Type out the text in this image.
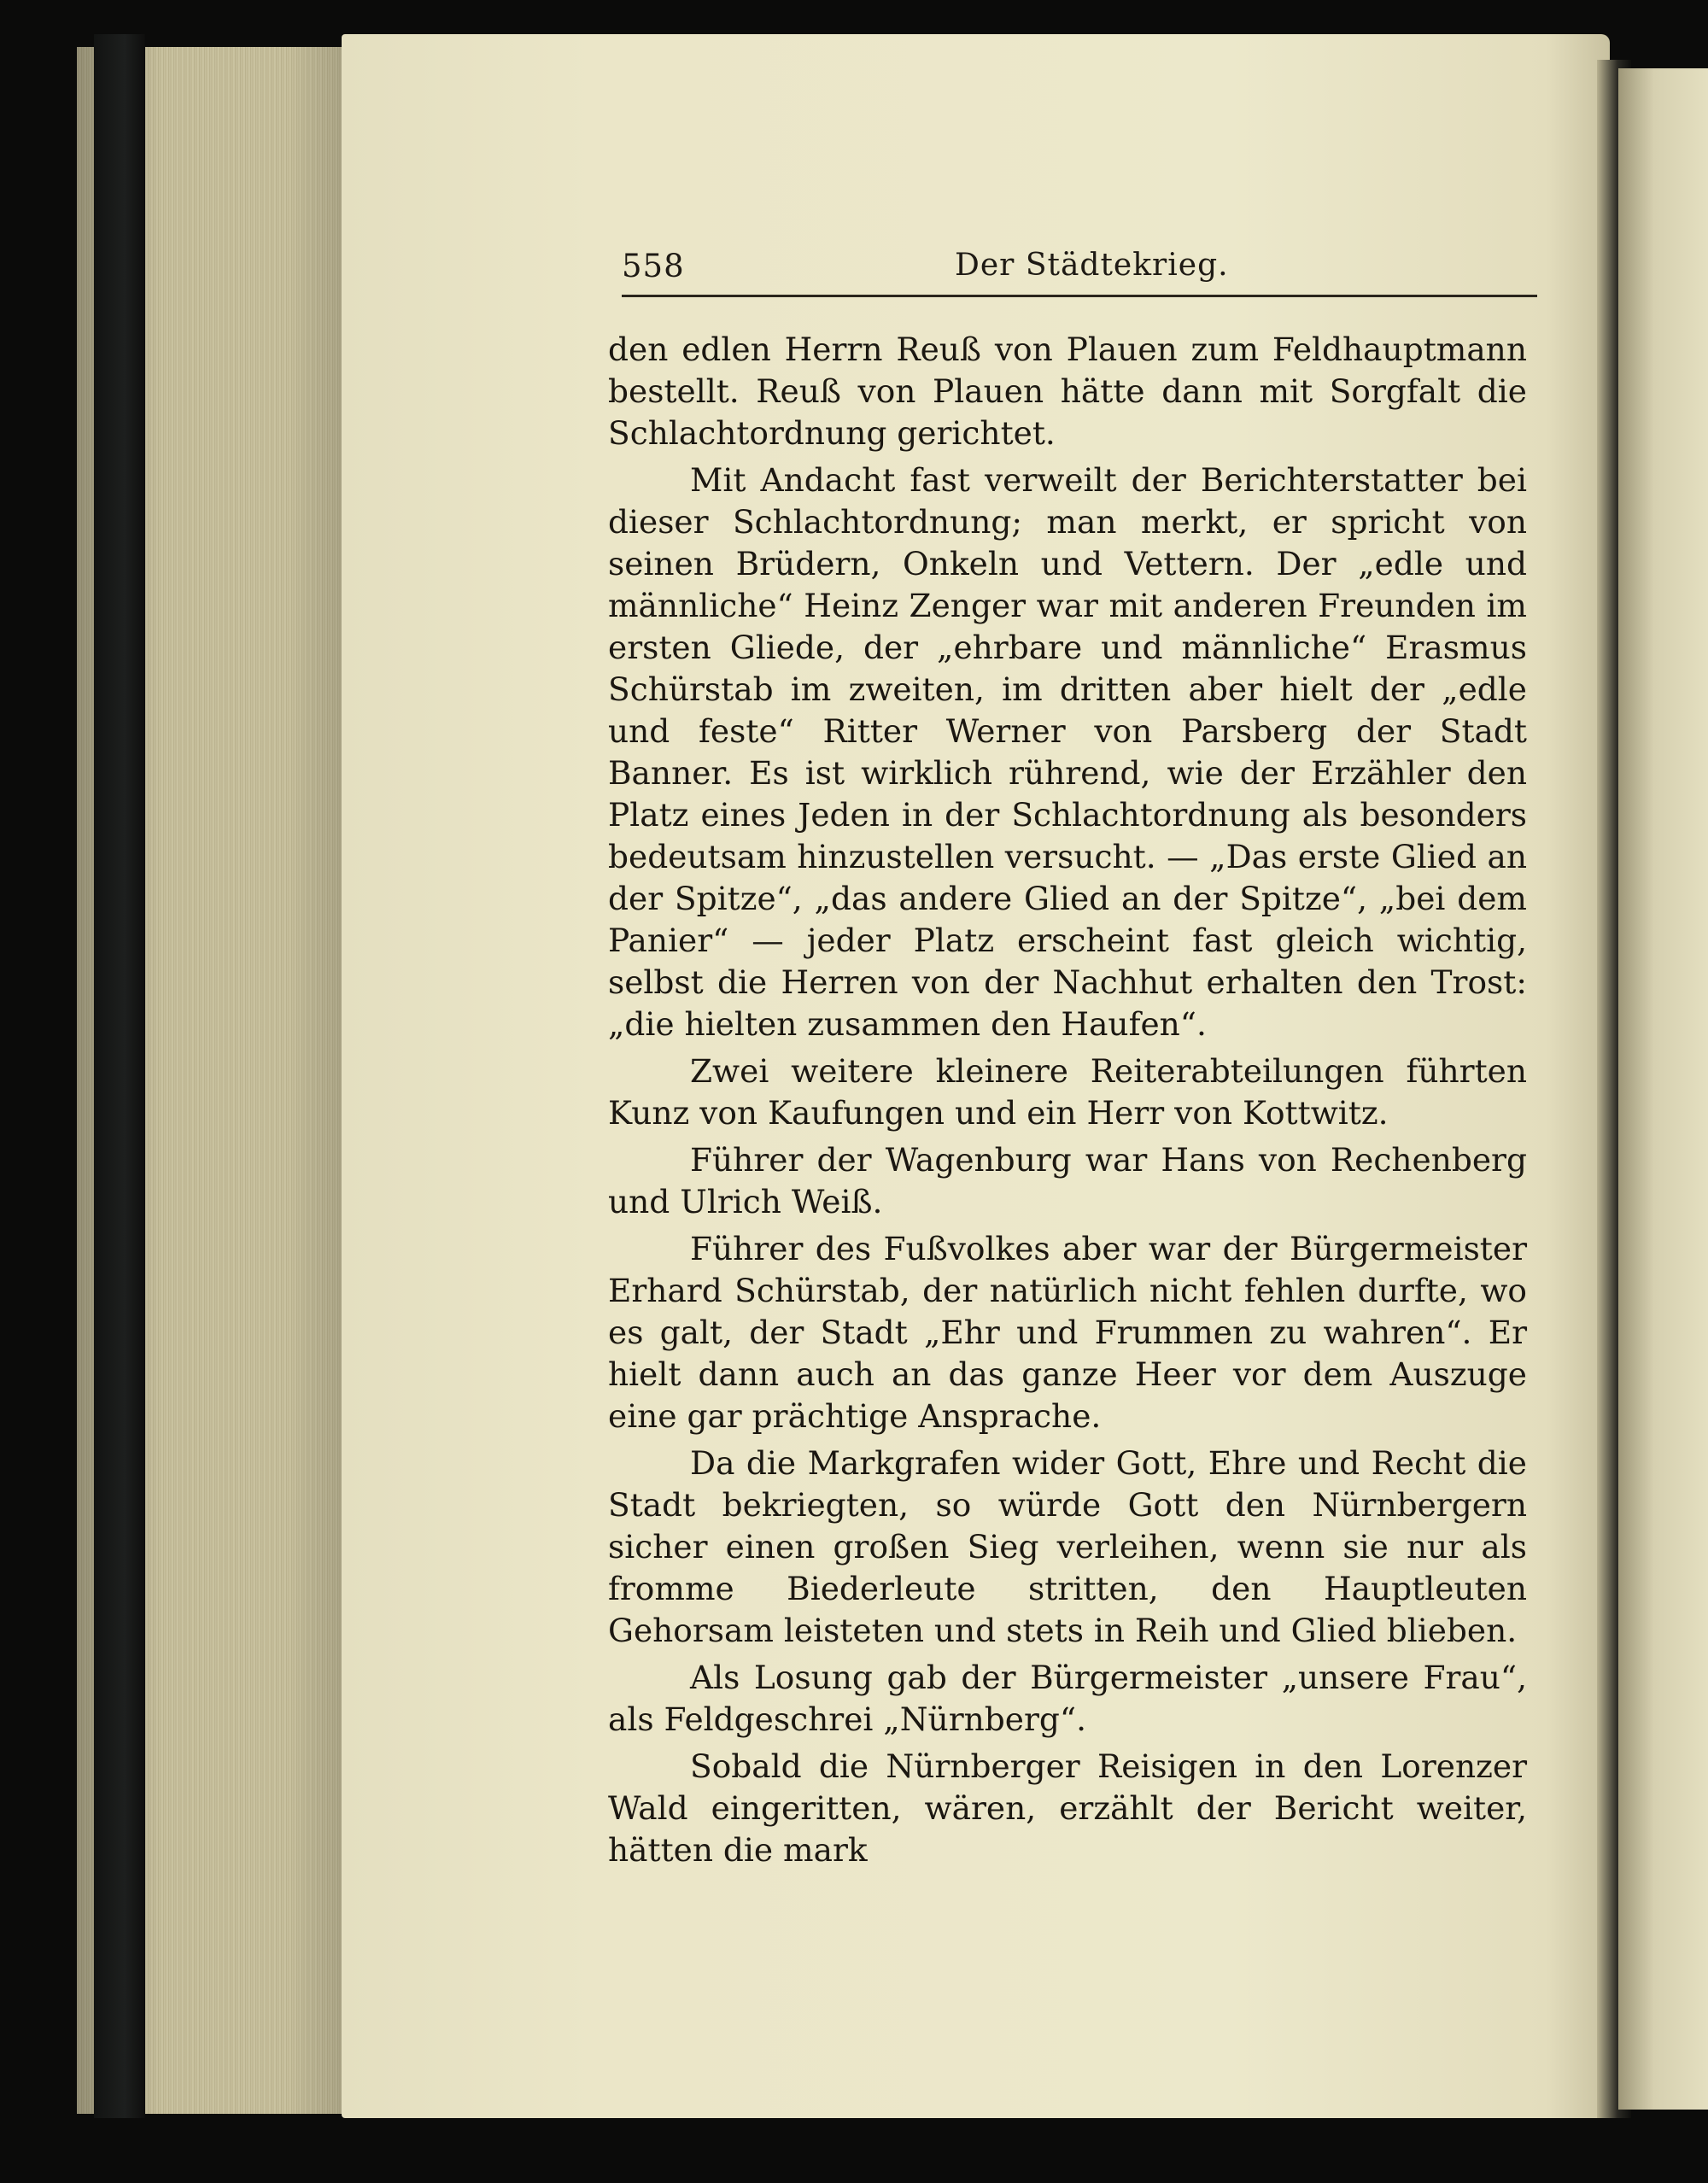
558	Der Städtekrieg.

den edlen Herrn Reuß von Plauen zum Feldhauptmann bestellt. Reuß von Plauen hätte dann mit Sorgfalt die Schlachtordnung gerichtet.

Mit Andacht fast verweilt der Berichterstatter bei dieser Schlachtordnung; man merkt, er spricht von seinen Brüdern, Onkeln und Vettern. Der „edle und männliche“ Heinz Zenger war mit anderen Freunden im ersten Gliede, der „ehrbare und männliche“ Erasmus Schürstab im zweiten, im dritten aber hielt der „edle und feste“ Ritter Werner von Parsberg der Stadt Banner. Es ist wirklich rührend, wie der Erzähler den Platz eines Jeden in der Schlachtordnung als besonders bedeutsam hinzustellen versucht. — „Das erste Glied an der Spitze“, „das andere Glied an der Spitze“, „bei dem Panier“ — jeder Platz erscheint fast gleich wichtig, selbst die Herren von der Nachhut erhalten den Trost: „die hielten zusammen den Haufen“.

Zwei weitere kleinere Reiterabteilungen führten Kunz von Kaufungen und ein Herr von Kottwitz.

Führer der Wagenburg war Hans von Rechenberg und Ulrich Weiß.

Führer des Fußvolkes aber war der Bürgermeister Erhard Schürstab, der natürlich nicht fehlen durfte, wo es galt, der Stadt „Ehr und Frummen zu wahren“. Er hielt dann auch an das ganze Heer vor dem Auszuge eine gar prächtige Ansprache.

Da die Markgrafen wider Gott, Ehre und Recht die Stadt bekriegten, so würde Gott den Nürnbergern sicher einen großen Sieg verleihen, wenn sie nur als fromme Biederleute stritten, den Hauptleuten Gehorsam leisteten und stets in Reih und Glied blieben.

Als Losung gab der Bürgermeister „unsere Frau“, als Feldgeschrei „Nürnberg“.

Sobald die Nürnberger Reisigen in den Lorenzer Wald eingeritten, wären, erzählt der Bericht weiter, hätten die mark
